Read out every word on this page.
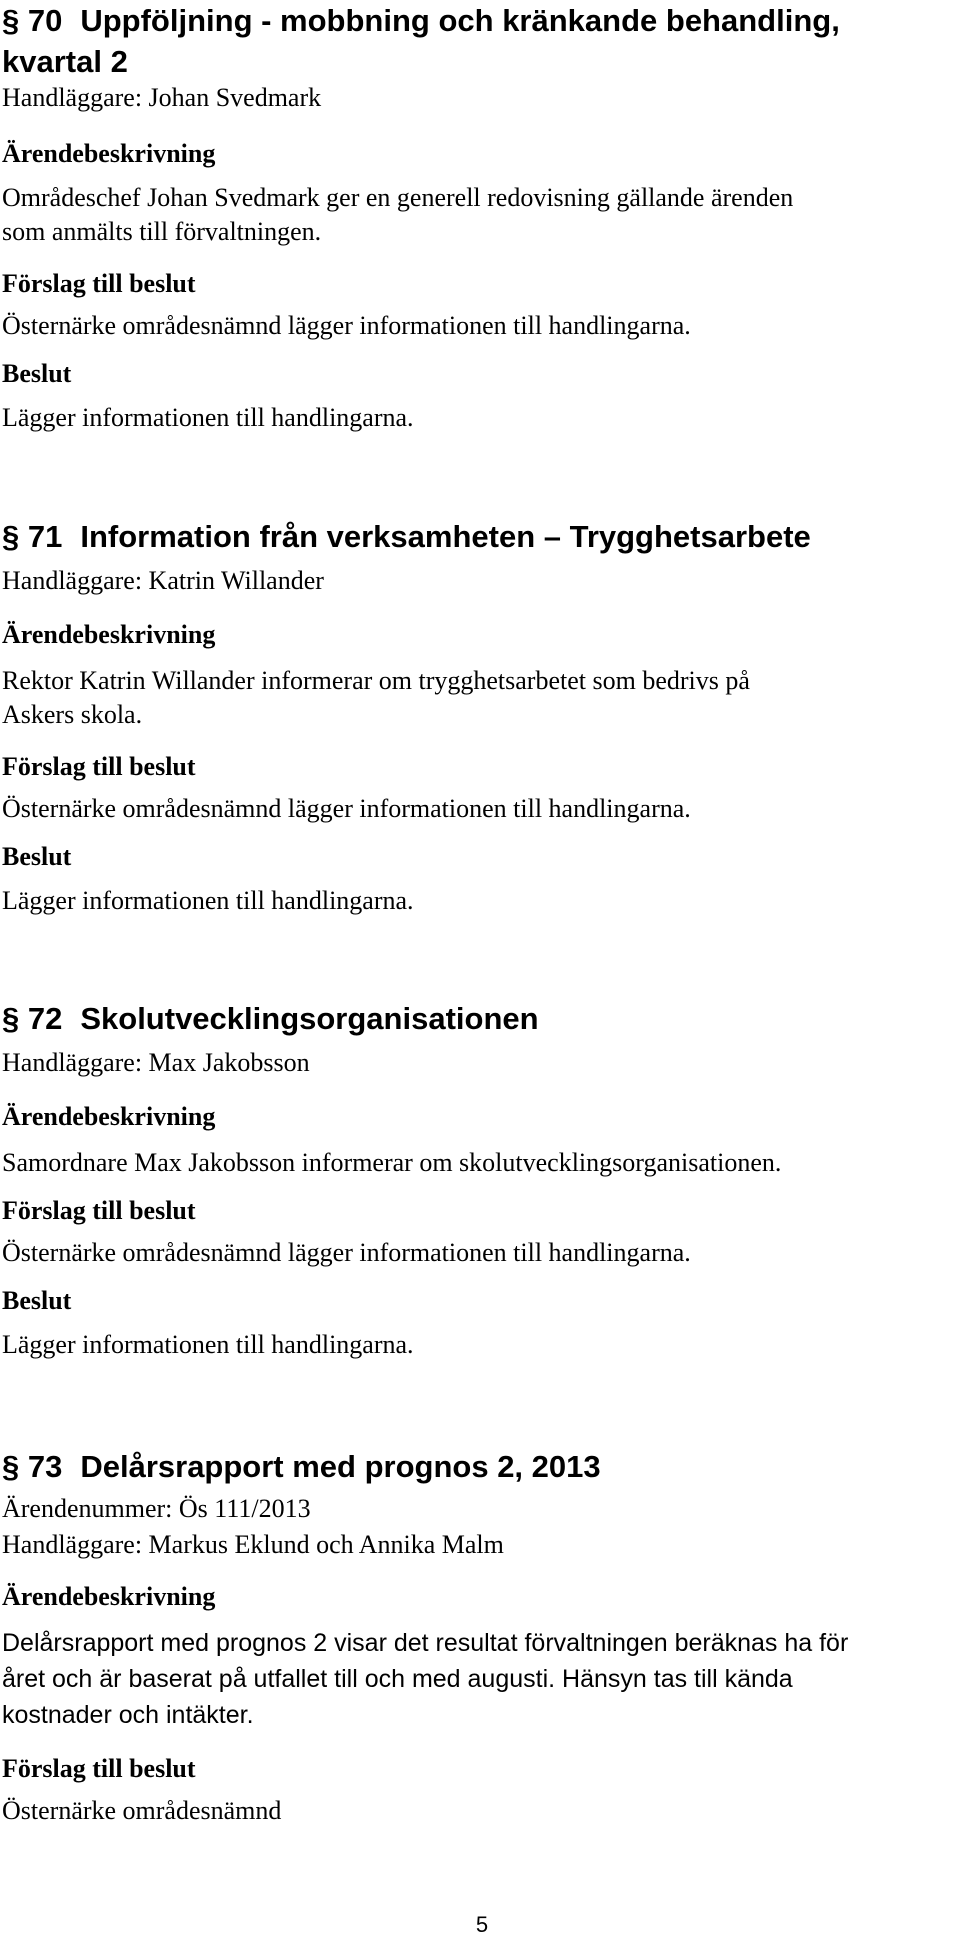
§ 70 Uppföljning - mobbning och kränkande behandling,

kvartal 2

Handläggare: Johan Svedmark

Ärendebeskrivning

Områdeschef Johan Svedmark ger en generell redovisning gällande ärenden

som anmälts till förvaltningen.

Förslag till beslut

Östernärke områdesnämnd lägger informationen till handlingarna.

Beslut

Lägger informationen till handlingarna.

§ 71 Information från verksamheten – Trygghetsarbete

Handläggare: Katrin Willander

Ärendebeskrivning

Rektor Katrin Willander informerar om trygghetsarbetet som bedrivs på

Askers skola.

Förslag till beslut

Östernärke områdesnämnd lägger informationen till handlingarna.

Beslut

Lägger informationen till handlingarna.

§ 72 Skolutvecklingsorganisationen

Handläggare: Max Jakobsson

Ärendebeskrivning

Samordnare Max Jakobsson informerar om skolutvecklingsorganisationen.

Förslag till beslut

Östernärke områdesnämnd lägger informationen till handlingarna.

Beslut

Lägger informationen till handlingarna.

§ 73 Delårsrapport med prognos 2, 2013

Ärendenummer: Ös 111/2013

Handläggare: Markus Eklund och Annika Malm

Ärendebeskrivning

Delårsrapport med prognos 2 visar det resultat förvaltningen beräknas ha för

året och är baserat på utfallet till och med augusti. Hänsyn tas till kända

kostnader och intäkter.

Förslag till beslut

Östernärke områdesnämnd

5
